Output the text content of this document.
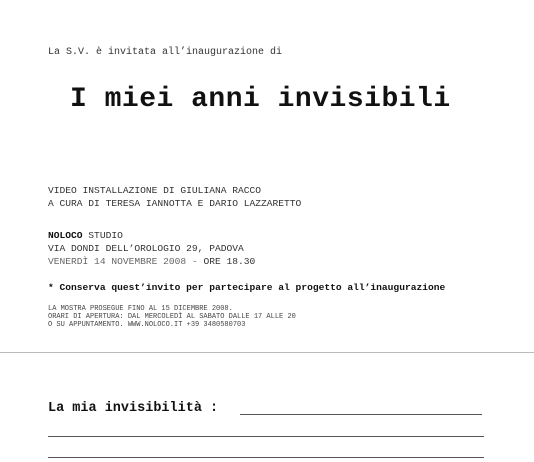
La S.V. è invitata all’inaugurazione di
I miei anni invisibili
VIDEO INSTALLAZIONE DI GIULIANA RACCO
A CURA DI TERESA IANNOTTA E DARIO LAZZARETTO
NOLOCO STUDIO
VIA DONDI DELL’OROLOGIO 29, PADOVA
VENERDÌ 14 NOVEMBRE 2008 - ORE 18.30
* Conserva quest’invito per partecipare al progetto all’inaugurazione
LA MOSTRA PROSEGUE FINO AL 15 DICEMBRE 2008.
ORARI DI APERTURA: DAL MERCOLEDÌ AL SABATO DALLE 17 ALLE 20
O SU APPUNTAMENTO. WWW.NOLOCO.IT +39 3480580703
La mia invisibilità :
